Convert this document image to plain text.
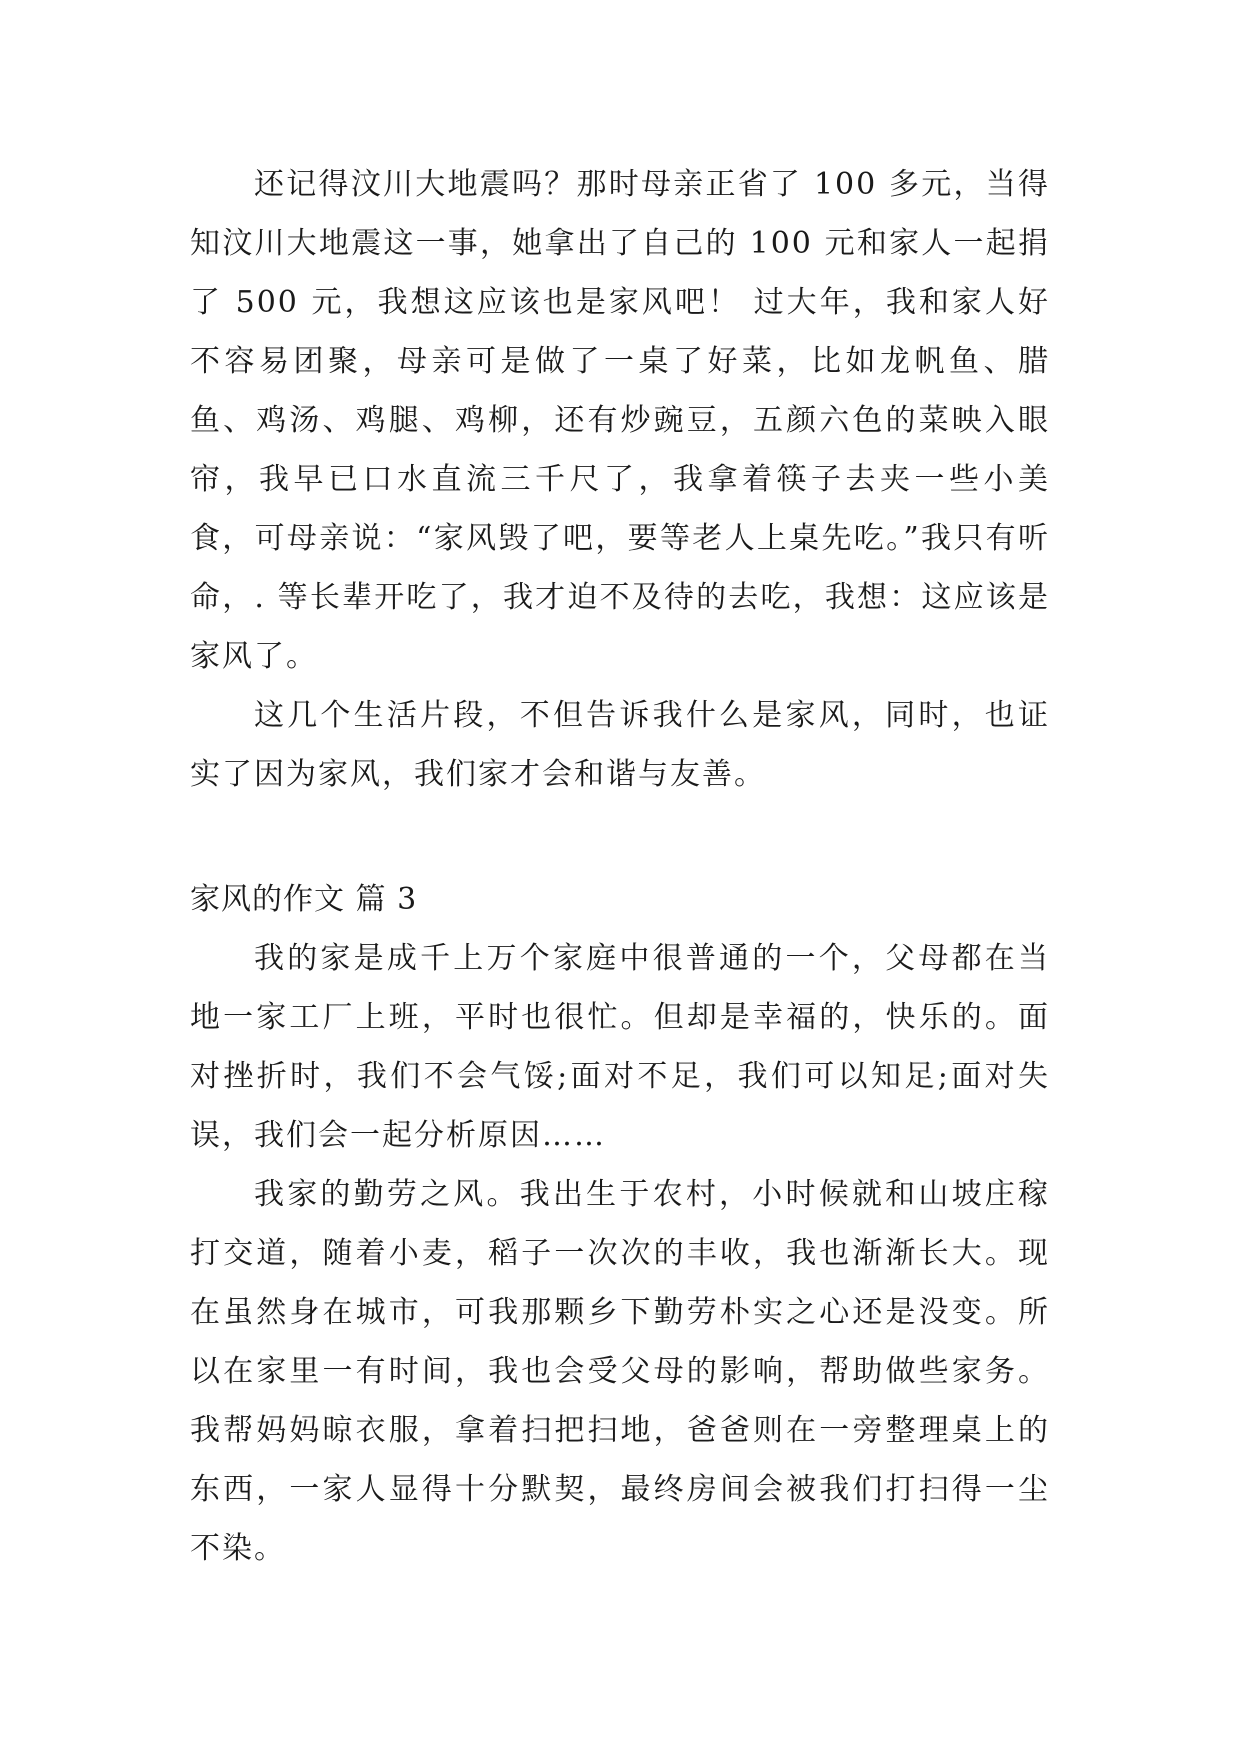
还记得汶川大地震吗？那时母亲正省了 100 多元，当得知汶川大地震这一事，她拿出了自己的 100 元和家人一起捐了 500 元，我想这应该也是家风吧！ 过大年，我和家人好不容易团聚，母亲可是做了一桌了好菜，比如龙帆鱼、腊鱼、鸡汤、鸡腿、鸡柳，还有炒豌豆，五颜六色的菜映入眼帘，我早已口水直流三千尺了，我拿着筷子去夹一些小美食，可母亲说：“家风毁了吧，要等老人上桌先吃。”我只有听命，. 等长辈开吃了，我才迫不及待的去吃，我想：这应该是家风了。

这几个生活片段，不但告诉我什么是家风，同时，也证实了因为家风，我们家才会和谐与友善。

家风的作文 篇 3

我的家是成千上万个家庭中很普通的一个，父母都在当地一家工厂上班，平时也很忙。但却是幸福的，快乐的。面对挫折时，我们不会气馁;面对不足，我们可以知足;面对失误，我们会一起分析原因……

我家的勤劳之风。我出生于农村，小时候就和山坡庄稼打交道，随着小麦，稻子一次次的丰收，我也渐渐长大。现在虽然身在城市，可我那颗乡下勤劳朴实之心还是没变。所以在家里一有时间，我也会受父母的影响，帮助做些家务。我帮妈妈晾衣服，拿着扫把扫地，爸爸则在一旁整理桌上的东西，一家人显得十分默契，最终房间会被我们打扫得一尘不染。
